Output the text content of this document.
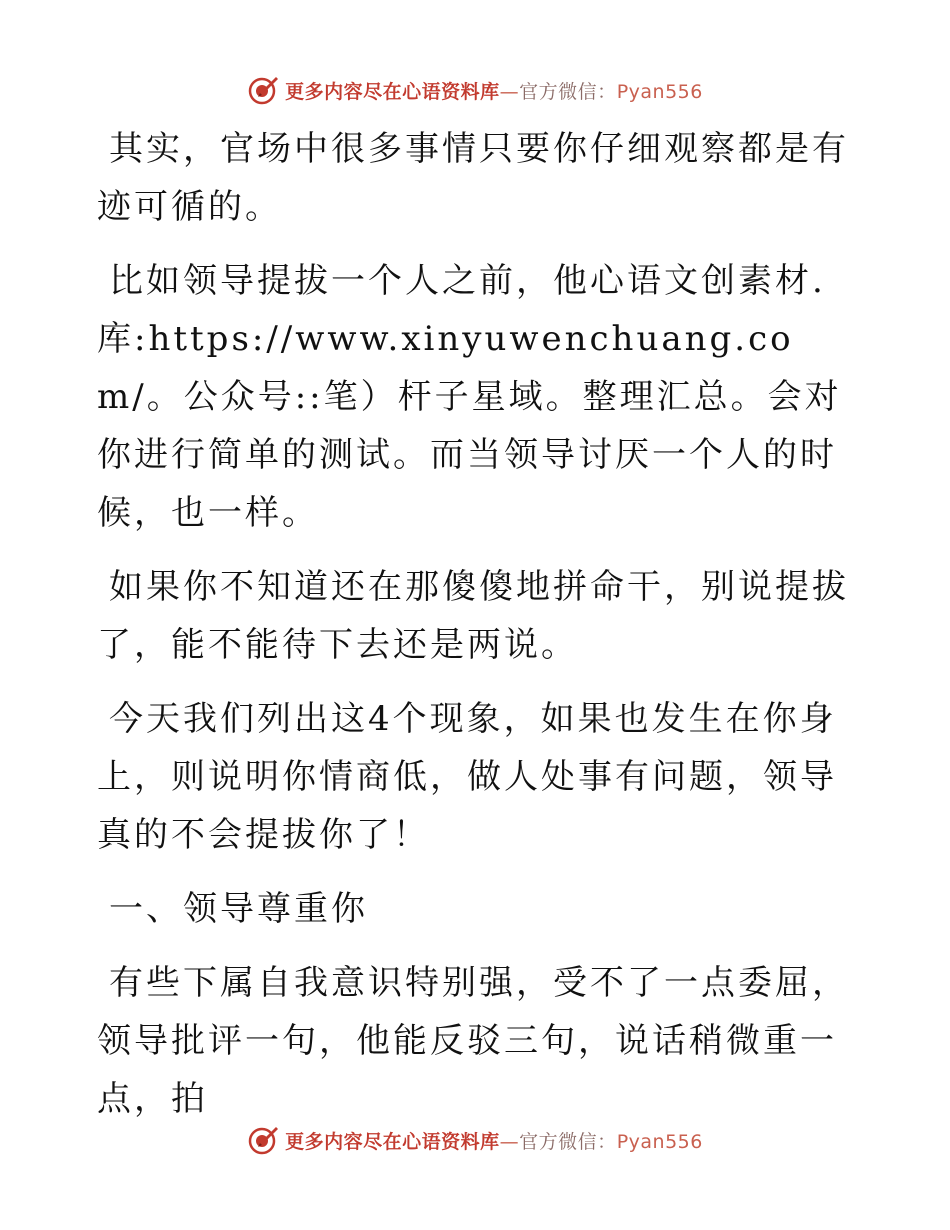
更多内容尽在心语资料库—官方微信：Pyan556

其实，官场中很多事情只要你仔细观察都是有迹可循的。

比如领导提拔一个人之前，他心语文创素材.库:https://www.xinyuwenchuang.com/。公众号::笔）杆子星域。整理汇总。会对你进行简单的测试。而当领导讨厌一个人的时候，也一样。

如果你不知道还在那傻傻地拼命干，别说提拔了，能不能待下去还是两说。

今天我们列出这4个现象，如果也发生在你身上，则说明你情商低，做人处事有问题，领导真的不会提拔你了！

一、领导尊重你

有些下属自我意识特别强，受不了一点委屈，领导批评一句，他能反驳三句，说话稍微重一点，拍

更多内容尽在心语资料库—官方微信：Pyan556
